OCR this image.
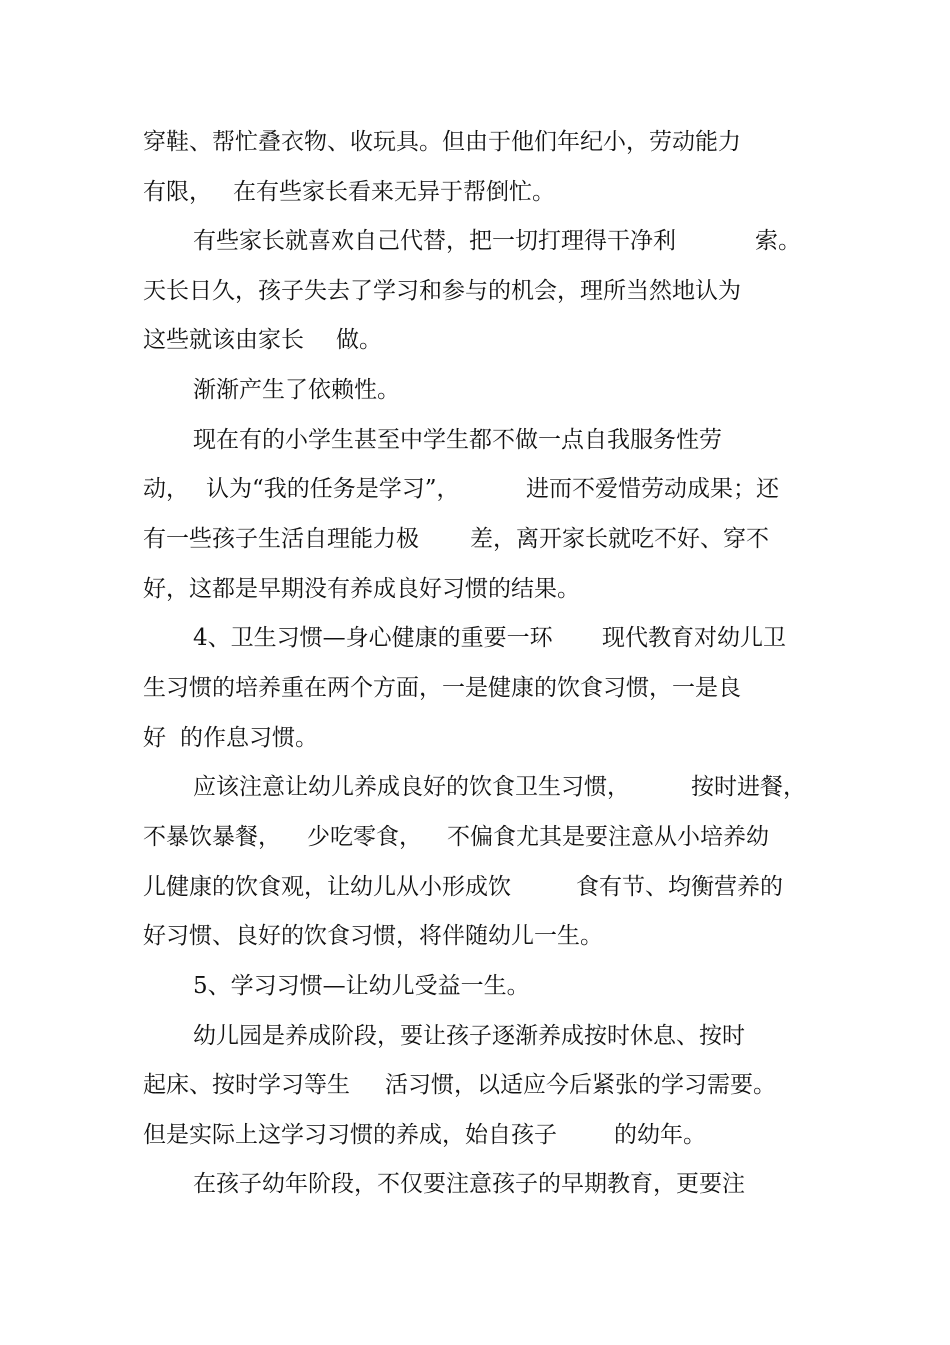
穿鞋、帮忙叠衣物、收玩具。但由于他们年纪小，劳动能力
有限， 在有些家长看来无异于帮倒忙。
有些家长就喜欢自己代替，把一切打理得干净利	索。
天长日久，孩子失去了学习和参与的机会，理所当然地认为
这些就该由家长 做。
渐渐产生了依赖性。
现在有的小学生甚至中学生都不做一点自我服务性劳
动， 认为“我的任务是学习”，	进而不爱惜劳动成果；还
有一些孩子生活自理能力极 差，离开家长就吃不好、穿不
好，这都是早期没有养成良好习惯的结果。
4、卫生习惯—身心健康的重要一环 现代教育对幼儿卫
生习惯的培养重在两个方面，一是健康的饮食习惯，一是良
好 的作息习惯。
应该注意让幼儿养成良好的饮食卫生习惯，	按时进餐，
不暴饮暴餐， 少吃零食， 不偏食尤其是要注意从小培养幼
儿健康的饮食观，让幼儿从小形成饮	食有节、均衡营养的
好习惯、良好的饮食习惯，将伴随幼儿一生。
5、学习习惯—让幼儿受益一生。
幼儿园是养成阶段，要让孩子逐渐养成按时休息、按时
起床、按时学习等生 活习惯，以适应今后紧张的学习需要。
但是实际上这学习习惯的养成，始自孩子 的幼年。
在孩子幼年阶段，不仅要注意孩子的早期教育，更要注
